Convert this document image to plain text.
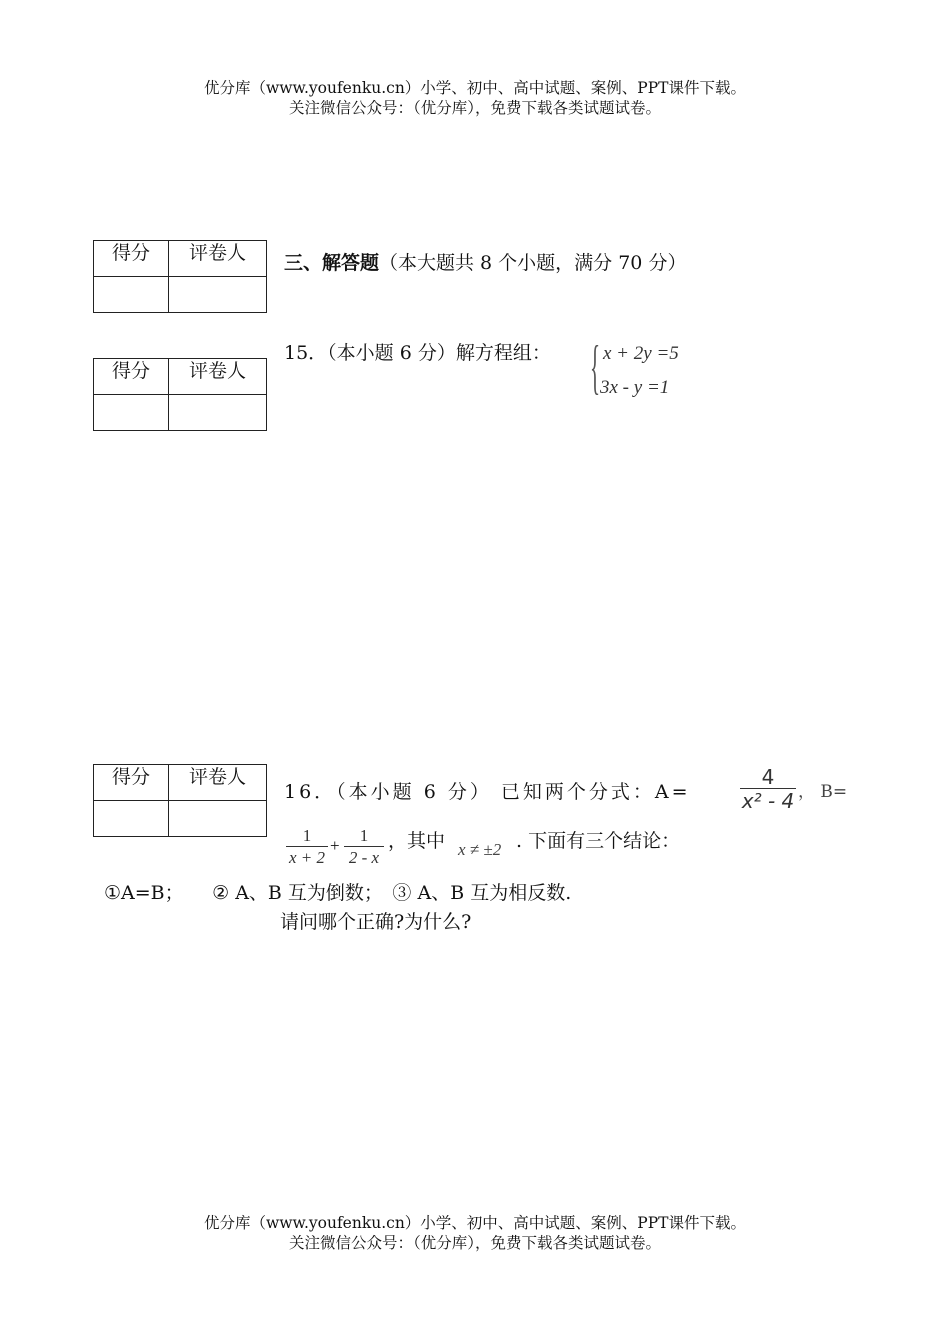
优分库（www.youfenku.cn）小学、初中、高中试题、案例、PPT课件下载。
关注微信公众号：（优分库），免费下载各类试题试卷。
得分	评卷人
	三、解答题（本大题共 8 个小题，满分 70 分）
得分	评卷人

15．（本小题 6 分）解方程组： { x + 2y =5
3x - y =1
得分	评卷人

16．（本小题 6 分） 已知两个分式：A=
4
x² - 4 ， B=
1
x + 2
+
1
2 - x
，其中 x ≠ ±2 . 下面有三个结论：
①A=B；　　② A、B 互为倒数；　③ A、B 互为相反数.
请问哪个正确?为什么?
优分库（www.youfenku.cn）小学、初中、高中试题、案例、PPT课件下载。
关注微信公众号：（优分库），免费下载各类试题试卷。
